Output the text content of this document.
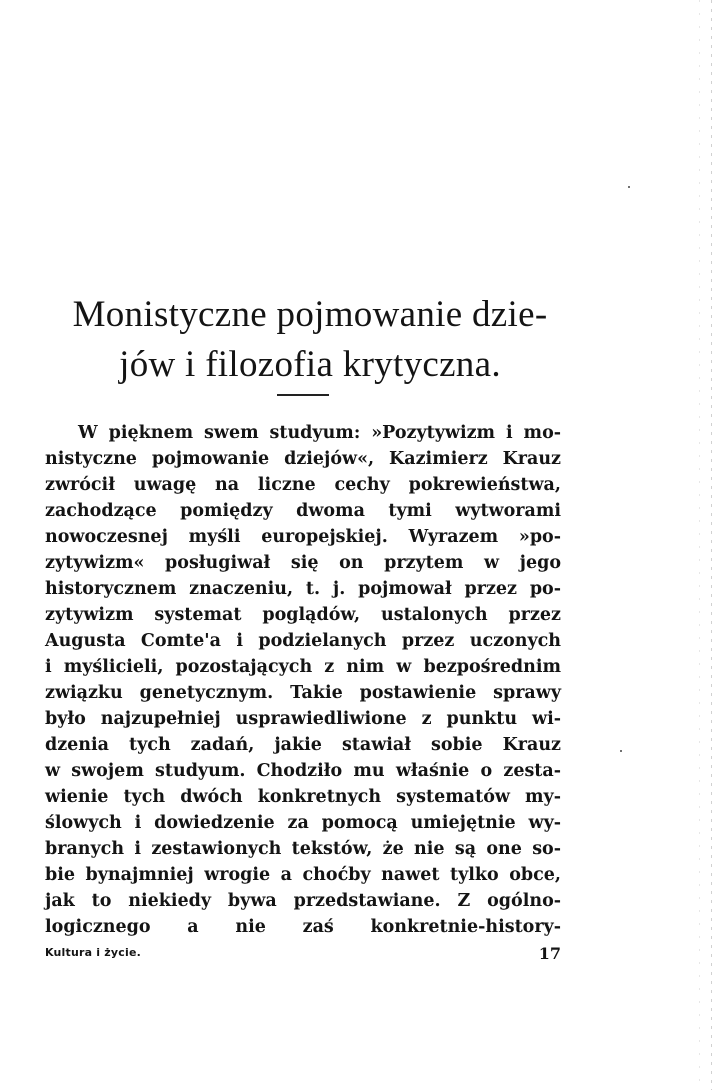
Monistyczne pojmowanie dzie-
jów i filozofia krytyczna.
W pięknem swem studyum: »Pozytywizm i mo-
nistyczne pojmowanie dziejów«, Kazimierz Krauz
zwrócił uwagę na liczne cechy pokrewieństwa,
zachodzące pomiędzy dwoma tymi wytworami
nowoczesnej myśli europejskiej. Wyrazem »po-
zytywizm« posługiwał się on przytem w jego
historycznem znaczeniu, t. j. pojmował przez po-
zytywizm systemat poglądów, ustalonych przez
Augusta Comte'a i podzielanych przez uczonych
i myślicieli, pozostających z nim w bezpośrednim
związku genetycznym. Takie postawienie sprawy
było najzupełniej usprawiedliwione z punktu wi-
dzenia tych zadań, jakie stawiał sobie Krauz
w swojem studyum. Chodziło mu właśnie o zesta-
wienie tych dwóch konkretnych systematów my-
ślowych i dowiedzenie za pomocą umiejętnie wy-
branych i zestawionych tekstów, że nie są one so-
bie bynajmniej wrogie a choćby nawet tylko obce,
jak to niekiedy bywa przedstawiane. Z ogólno-
logicznego a nie zaś konkretnie-history-
Kultura i życie.	17
